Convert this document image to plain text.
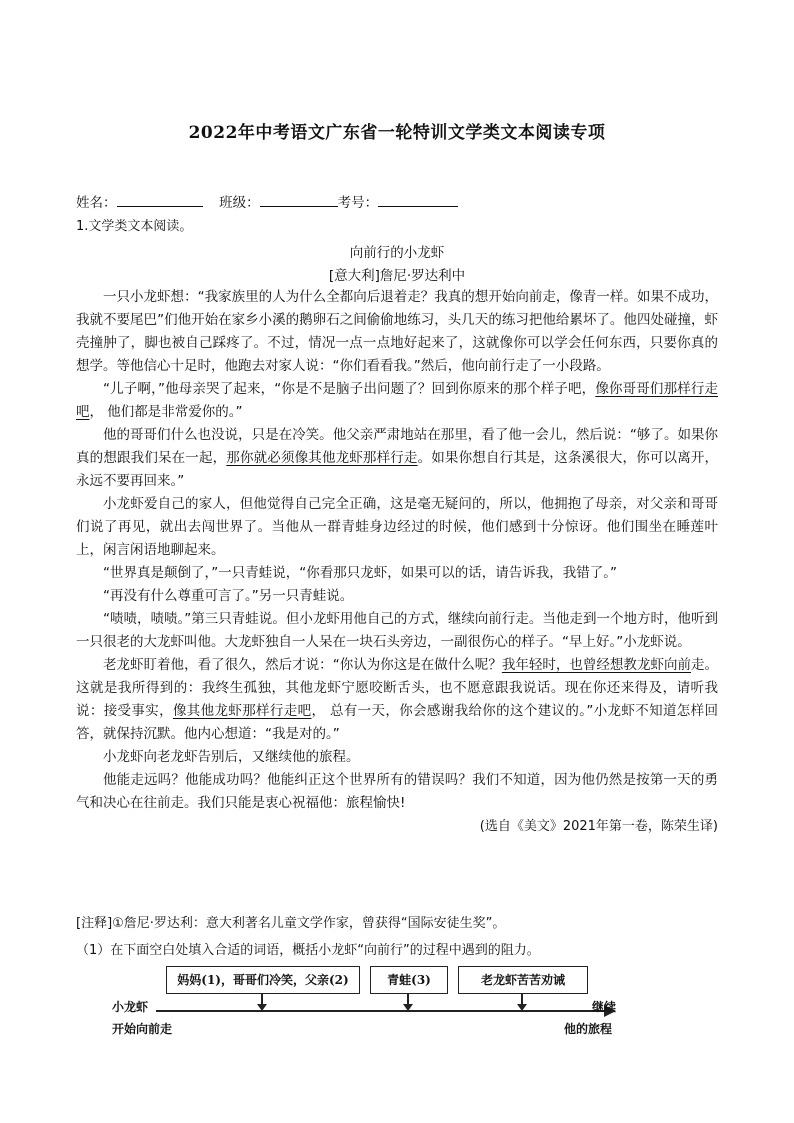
2022年中考语文广东省一轮特训文学类文本阅读专项
姓名：	班级：	考号：
1.文学类文本阅读。
向前行的小龙虾
[意大利]詹尼·罗达利中

一只小龙虾想：“我家族里的人为什么全都向后退着走？我真的想开始向前走，像青一样。如果不成功，我就不要尾巴”们他开始在家乡小溪的鹅卵石之间偷偷地练习，头几天的练习把他给累坏了。他四处碰撞，虾壳撞肿了，脚也被自己踩疼了。不过，情况一点一点地好起来了，这就像你可以学会任何东西，只要你真的想学。等他信心十足时，他跑去对家人说：“你们看看我。”然后，他向前行走了一小段路。

“儿子啊，”他母亲哭了起来，“你是不是脑子出问题了？回到你原来的那个样子吧，像你哥哥们那样行走吧， 他们都是非常爱你的。”

他的哥哥们什么也没说，只是在冷笑。他父亲严肃地站在那里，看了他一会儿，然后说：“够了。如果你真的想跟我们呆在一起，那你就必须像其他龙虾那样行走。如果你想自行其是，这条溪很大，你可以离开，永远不要再回来。”

小龙虾爱自己的家人，但他觉得自己完全正确，这是毫无疑问的，所以，他拥抱了母亲，对父亲和哥哥们说了再见，就出去闯世界了。当他从一群青蛙身边经过的时候，他们感到十分惊讶。他们围坐在睡莲叶上，闲言闲语地聊起来。

“世界真是颠倒了，”一只青蛙说，“你看那只龙虾，如果可以的话，请告诉我，我错了。”

“再没有什么尊重可言了。”另一只青蛙说。

“啧啧，啧啧。”第三只青蛙说。但小龙虾用他自己的方式，继续向前行走。当他走到一个地方时，他听到一只很老的大龙虾叫他。大龙虾独自一人呆在一块石头旁边，一副很伤心的样子。“早上好。”小龙虾说。

老龙虾盯着他，看了很久，然后才说：“你认为你这是在做什么呢？我年轻时，也曾经想教龙虾向前走。这就是我所得到的：我终生孤独，其他龙虾宁愿咬断舌头，也不愿意跟我说话。现在你还来得及，请听我说：接受事实，像其他龙虾那样行走吧， 总有一天，你会感谢我给你的这个建议的。”小龙虾不知道怎样回答，就保持沉默。他内心想道：“我是对的。”

小龙虾向老龙虾告别后，又继续他的旅程。

他能走远吗？他能成功吗？他能纠正这个世界所有的错误吗？我们不知道，因为他仍然是按第一天的勇气和决心在往前走。我们只能是衷心祝福他：旅程愉快!

(选自《美文》2021年第一卷，陈荣生译)

[注释]①詹尼·罗达利：意大利著名儿童文学作家，曾获得“国际安徒生奖”。
（1）在下面空白处填入合适的词语，概括小龙虾“向前行”的过程中遇到的阻力。
妈妈(1)，哥哥们冷笑，父亲(2)	青蛙(3)	老龙虾苦苦劝诫
小龙虾
开始向前走
继续
他的旅程
